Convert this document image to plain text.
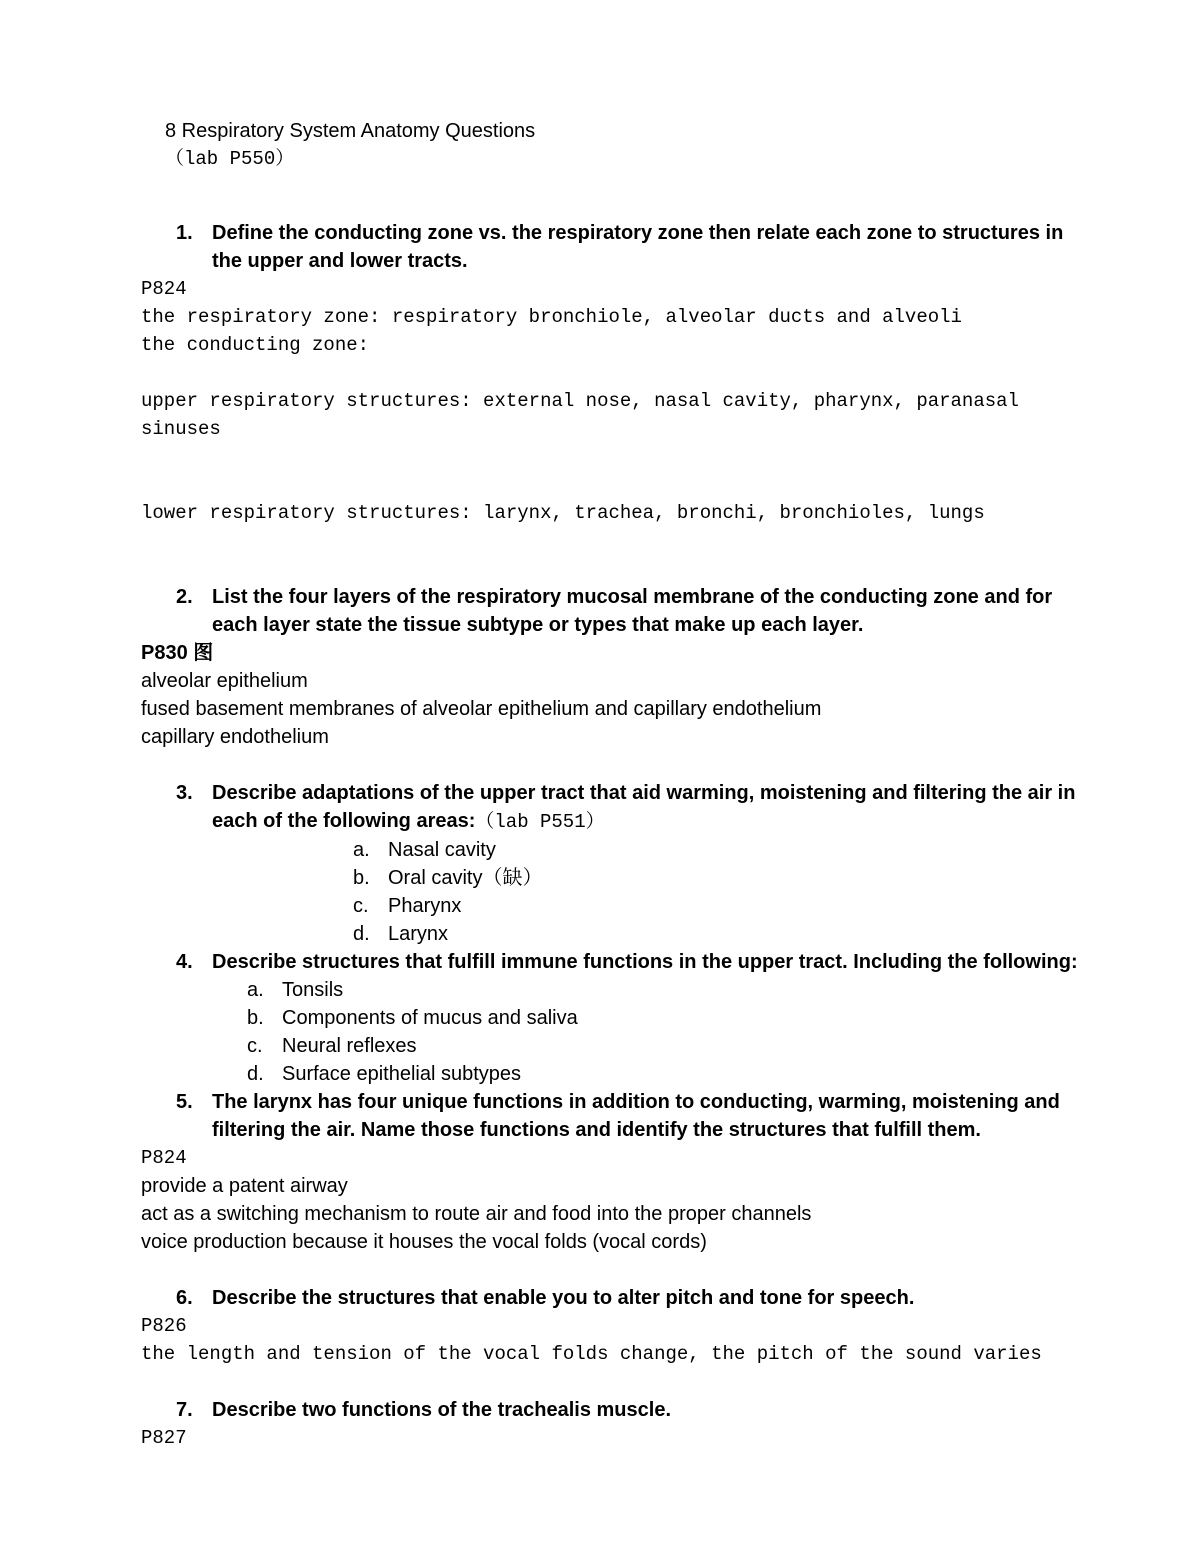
8 Respiratory System Anatomy Questions
（lab P550）

1. Define the conducting zone vs. the respiratory zone then relate each zone to structures in the upper and lower tracts.
P824
the respiratory zone: respiratory bronchiole, alveolar ducts and alveoli
the conducting zone:
upper respiratory structures: external nose, nasal cavity, pharynx, paranasal sinuses
lower respiratory structures: larynx, trachea, bronchi, bronchioles, lungs
2. List the four layers of the respiratory mucosal membrane of the conducting zone and for each layer state the tissue subtype or types that make up each layer.
P830 图
alveolar epithelium
fused basement membranes of alveolar epithelium and capillary endothelium
capillary endothelium
3. Describe adaptations of the upper tract that aid warming, moistening and filtering the air in each of the following areas:（lab P551）
a. Nasal cavity
b. Oral cavity（缺）
c. Pharynx
d. Larynx
4. Describe structures that fulfill immune functions in the upper tract. Including the following:
a. Tonsils
b. Components of mucus and saliva
c. Neural reflexes
d. Surface epithelial subtypes
5. The larynx has four unique functions in addition to conducting, warming, moistening and filtering the air. Name those functions and identify the structures that fulfill them.
P824
provide a patent airway
act as a switching mechanism to route air and food into the proper channels
voice production because it houses the vocal folds (vocal cords)
6. Describe the structures that enable you to alter pitch and tone for speech.
P826
the length and tension of the vocal folds change, the pitch of the sound varies
7. Describe two functions of the trachealis muscle.
P827
